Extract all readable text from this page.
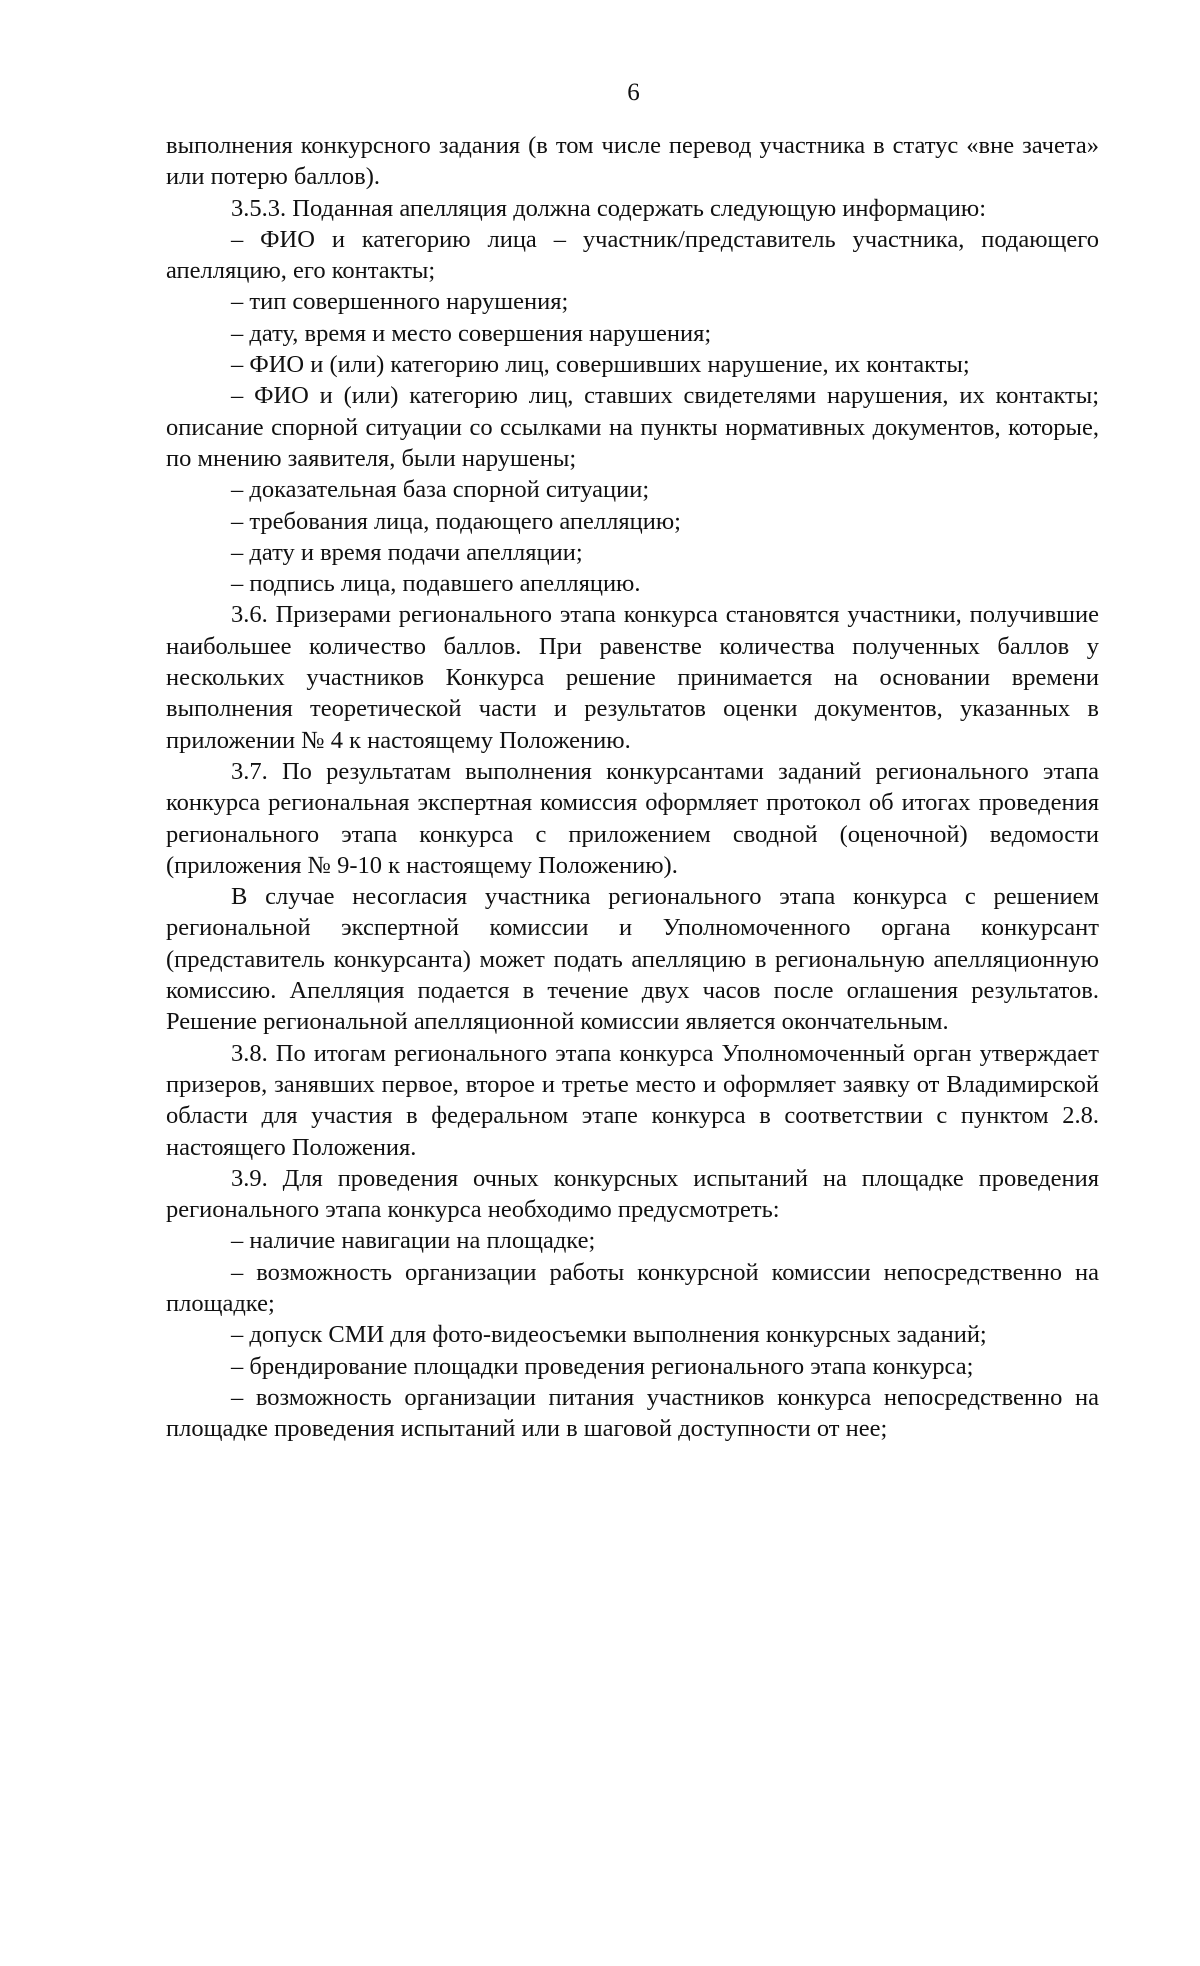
6

выполнения конкурсного задания (в том числе перевод участника в статус «вне зачета» или потерю баллов).

3.5.3. Поданная апелляция должна содержать следующую информацию:

– ФИО и категорию лица – участник/представитель участника, подающего апелляцию, его контакты;

– тип совершенного нарушения;

– дату, время и место совершения нарушения;

– ФИО и (или) категорию лиц, совершивших нарушение, их контакты;

– ФИО и (или) категорию лиц, ставших свидетелями нарушения, их контакты; описание спорной ситуации со ссылками на пункты нормативных документов, которые, по мнению заявителя, были нарушены;

– доказательная база спорной ситуации;

– требования лица, подающего апелляцию;

– дату и время подачи апелляции;

– подпись лица, подавшего апелляцию.

3.6. Призерами регионального этапа конкурса становятся участники, получившие наибольшее количество баллов. При равенстве количества полученных баллов у нескольких участников Конкурса решение принимается на основании времени выполнения теоретической части и результатов оценки документов, указанных в приложении № 4 к настоящему Положению.

3.7. По результатам выполнения конкурсантами заданий регионального этапа конкурса региональная экспертная комиссия оформляет протокол об итогах проведения регионального этапа конкурса с приложением сводной (оценочной) ведомости (приложения № 9-10 к настоящему Положению).

В случае несогласия участника регионального этапа конкурса с решением региональной экспертной комиссии и Уполномоченного органа конкурсант (представитель конкурсанта) может подать апелляцию в региональную апелляционную комиссию. Апелляция подается в течение двух часов после оглашения результатов. Решение региональной апелляционной комиссии является окончательным.

3.8. По итогам регионального этапа конкурса Уполномоченный орган утверждает призеров, занявших первое, второе и третье место и оформляет заявку от Владимирской области для участия в федеральном этапе конкурса в соответствии с пунктом 2.8. настоящего Положения.

3.9. Для проведения очных конкурсных испытаний на площадке проведения регионального этапа конкурса необходимо предусмотреть:

– наличие навигации на площадке;

– возможность организации работы конкурсной комиссии непосредственно на площадке;

– допуск СМИ для фото-видеосъемки выполнения конкурсных заданий;

– брендирование площадки проведения регионального этапа конкурса;

– возможность организации питания участников конкурса непосредственно на площадке проведения испытаний или в шаговой доступности от нее;
